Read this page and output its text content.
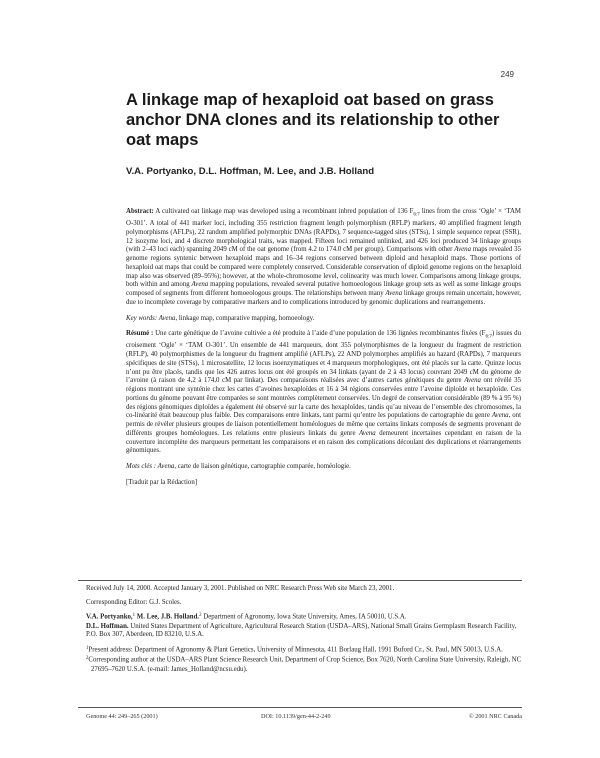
249
A linkage map of hexaploid oat based on grass anchor DNA clones and its relationship to other oat maps
V.A. Portyanko, D.L. Hoffman, M. Lee, and J.B. Holland

Abstract: A cultivated oat linkage map was developed using a recombinant inbred population of 136 $F_{6:7}$ lines from the cross ‘Ogle’ × ‘TAM O-301’. A total of 441 marker loci, including 355 restriction fragment length polymorphism (RFLP) markers, 40 amplified fragment length polymorphisms (AFLPs), 22 random amplified polymorphic DNAs (RAPDs), 7 sequence-tagged sites (STSs), 1 simple sequence repeat (SSR), 12 isozyme loci, and 4 discrete morphological traits, was mapped. Fifteen loci remained unlinked, and 426 loci produced 34 linkage groups (with 2–43 loci each) spanning 2049 cM of the oat genome (from 4.2 to 174.0 cM per group). Comparisons with other Avena maps revealed 35 genome regions syntenic between hexaploid maps and 16–34 regions conserved between diploid and hexaploid maps. Those portions of hexaploid oat maps that could be compared were completely conserved. Considerable conservation of diploid genome regions on the hexaploid map also was observed (89–95%); however, at the whole-chromosome level, colinearity was much lower. Comparisons among linkage groups, both within and among Avena mapping populations, revealed several putative homoeologous linkage group sets as well as some linkage groups composed of segments from different homoeologous groups. The relationships between many Avena linkage groups remain uncertain, however, due to incomplete coverage by comparative markers and to complications introduced by genomic duplications and rearrangements.

Key words: Avena, linkage map, comparative mapping, homoeology.

Résumé : Une carte génétique de l’avoine cultivée a été produite à l’aide d’une population de 136 lignées recombinantes fixées $(F_{6:7})$ issues du croisement ‘Ogle’ × ‘TAM O-301’. Un ensemble de 441 marqueurs, dont 355 polymorphismes de la longueur du fragment de restriction (RFLP), 40 polymorphismes de la longueur du fragment amplifié (AFLPs), 22 AND polymorphes amplifiés au hazard (RAPDs), 7 marqueurs spécifiques de site (STSs), 1 microsatellite, 12 locus isoenzymatiques et 4 marqueurs morphologiques, ont été placés sur la carte. Quinze locus n’ont pu être placés, tandis que les 426 autres locus ont été groupés en 34 linkats (ayant de 2 à 43 locus) couvrant 2049 cM du génome de l’avoine (à raison de 4,2 à 174,0 cM par linkat). Des comparaisons réalisées avec d’autres cartes génétiques du genre Avena ont révélé 35 régions montrant une synténie chez les cartes d’avoines hexaploïdes et 16 à 34 régions conservées entre l’avoine diploïde et hexaploïde. Ces portions du génome pouvant être comparées se sont montrées complètement conservées. Un degré de conservation considérable (89 % à 95 %) des régions génomiques diploïdes a également été observé sur la carte des hexaploïdes, tandis qu’au niveau de l’ensemble des chromosomes, la co-linéarité était beaucoup plus faible. Des comparaisons entre linkats, tant parmi qu’entre les populations de cartographie du genre Avena, ont permis de révéler plusieurs groupes de liaison potentiellement homéologues de même que certains linkats composés de segments provenant de différents groupes homéologues. Les relations entre plusieurs linkats du genre Avena demeurent incertaines cependant en raison de la couverture incomplète des marqueurs permettant les comparaisons et en raison des complications découlant des duplications et réarrangements génomiques.

Mots clés : Avena, carte de liaison génétique, cartographie comparée, homéologie.

[Traduit par la Rédaction]

Received July 14, 2000. Accepted January 3, 2001. Published on NRC Research Press Web site March 23, 2001.

Corresponding Editor: G.J. Scoles.

V.A. Portyanko,$^1$ M. Lee, J.B. Holland.$^2$ Department of Agronomy, Iowa State University, Ames, IA 50010, U.S.A.

D.L. Hoffman. United States Department of Agriculture, Agricultural Research Station (USDA–ARS), National Small Grains Germplasm Research Facility, P.O. Box 307, Aberdeen, ID 83210, U.S.A.

$^1$Present address: Department of Agronomy & Plant Genetics, University of Minnesota, 411 Borlaug Hall, 1991 Buford Cr., St. Paul, MN 50013, U.S.A.

$^2$Corresponding author at the USDA–ARS Plant Science Research Unit, Department of Crop Science, Box 7620, North Carolina State University, Raleigh, NC 27695–7620 U.S.A. (e-mail: James_Holland@ncsu.edu).

Genome 44: 249–265 (2001)	DOI: 10.1139/gen-44-2-249	© 2001 NRC Canada
